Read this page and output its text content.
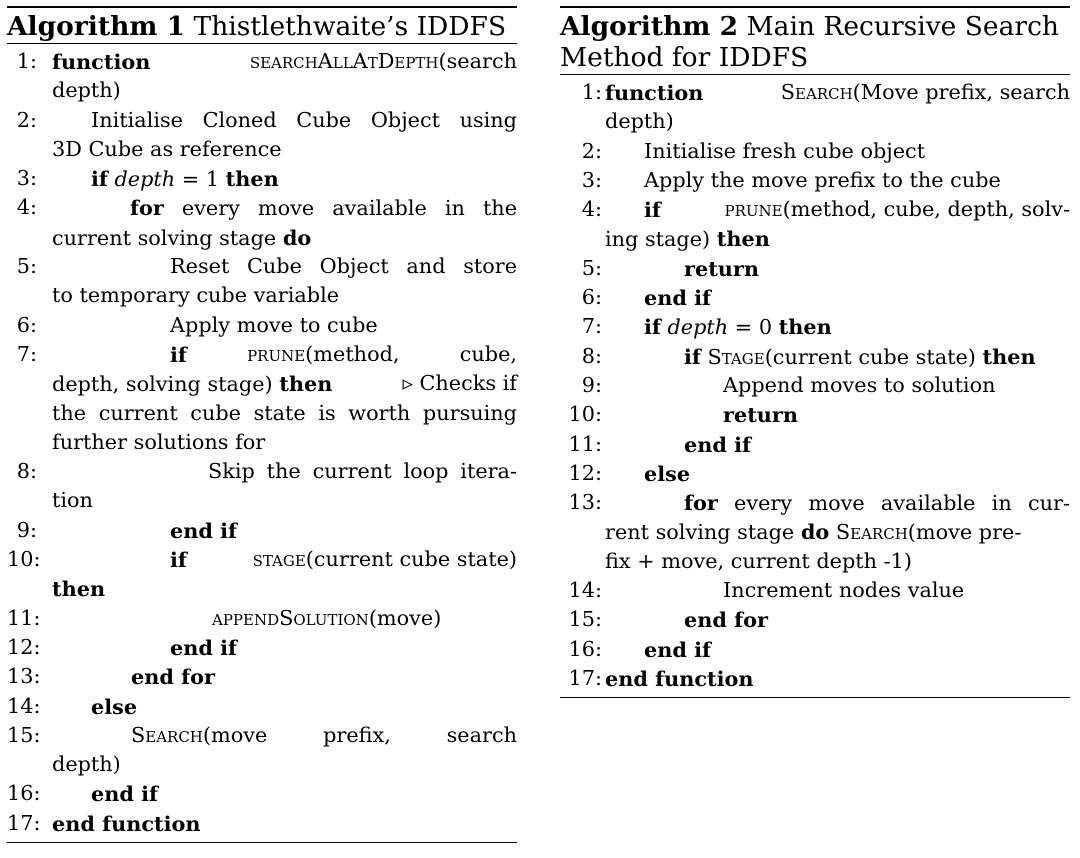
Algorithm 1 Thistlethwaite’s IDDFS
1: function	searchAllAtDepth(search
depth)
2:	Initialise Cloned Cube Object using
3D Cube as reference
3:	if depth = 1 then
4:	for every move available in the
current solving stage do
5:	Reset Cube Object and store
to temporary cube variable
6:	Apply move to cube
7:	if	prune(method,	cube,
depth, solving stage) then	▹ Checks if
the current cube state is worth pursuing
further solutions for
8:	Skip the current loop itera-
tion
9:	end if
10:	if	stage(current cube state)
then
11:	appendSolution(move)
12:	end if
13:	end for
14: else
15:	Search(move	prefix,	search
depth)
16: end if
17: end function
Algorithm 2 Main Recursive Search
Method for IDDFS
1: function	Search(Move prefix, search
depth)
2: Initialise fresh cube object
3: Apply the move prefix to the cube
4: if	prune(method, cube, depth, solv-
ing stage) then
5:	return
6: end if
7: if depth = 0 then
8:	if Stage(current cube state) then
9:	Append moves to solution
10:	return
11:	end if
12: else
13:	for every move available in cur-
rent solving stage do Search(move pre-
fix + move, current depth -1)
14:	Increment nodes value
15:	end for
16: end if
17: end function
